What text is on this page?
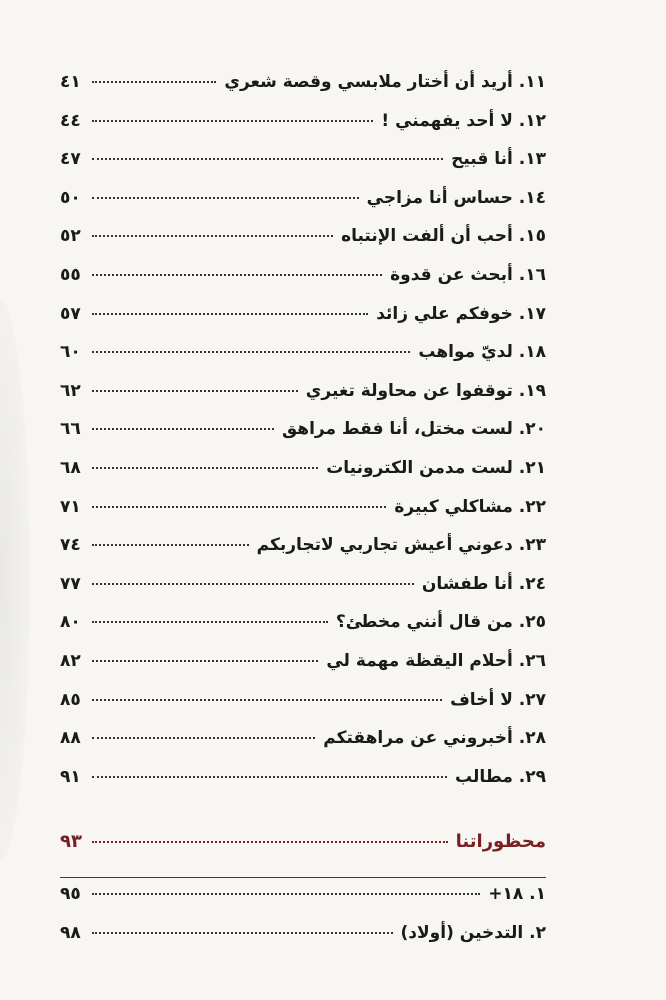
١١. أريد أن أختار ملابسي وقصة شعري
٤١
١٢. لا أحد يفهمني !
٤٤
١٣. أنا قبيح
٤٧
١٤. حساس أنا مزاجي
٥٠
١٥. أحب أن ألفت الإنتباه
٥٢
١٦. أبحث عن قدوة
٥٥
١٧. خوفكم علي زائد
٥٧
١٨. لديّ مواهب
٦٠
١٩. توقفوا عن محاولة تغيري
٦٢
٢٠. لست مختل، أنا فقط مراهق
٦٦
٢١. لست مدمن الكترونيات
٦٨
٢٢. مشاكلي كبيرة
٧١
٢٣. دعوني أعيش تجاربي لاتجاربكم
٧٤
٢٤. أنا طفشان
٧٧
٢٥. من قال أنني مخطئ؟
٨٠
٢٦. أحلام اليقظة مهمة لي
٨٢
٢٧. لا أخاف
٨٥
٢٨. أخبروني عن مراهقتكم
٨٨
٢٩. مطالب
٩١
محظوراتنا
٩٣
١. ١٨+
٩٥
٢. التدخين (أولاد)
٩٨
